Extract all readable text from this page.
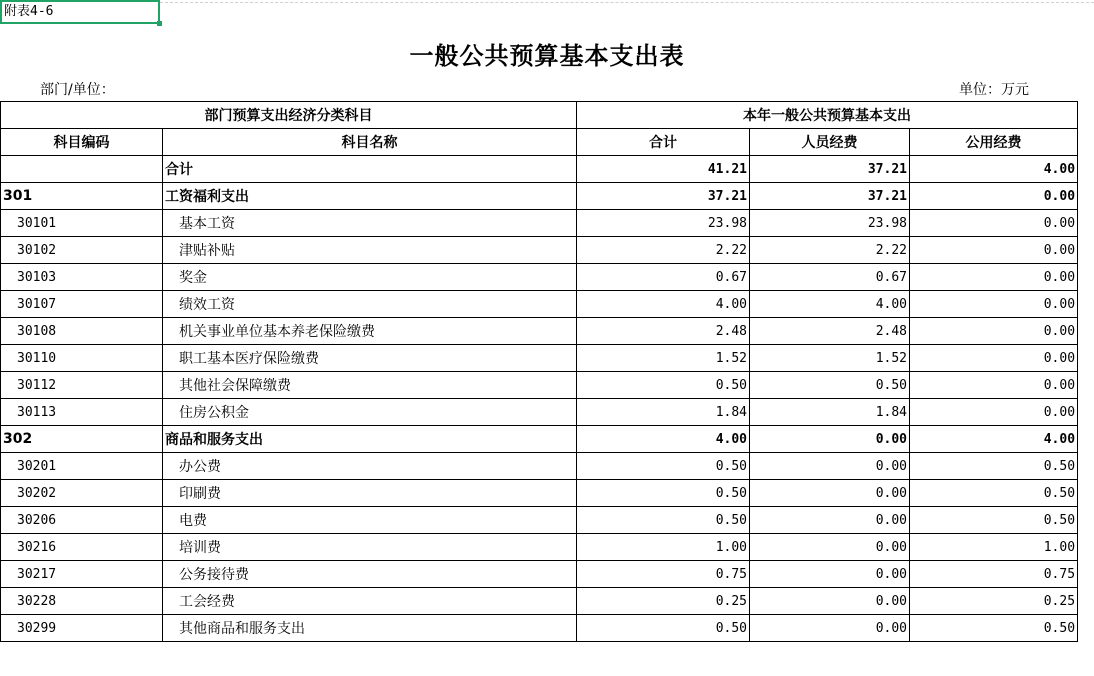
附表4-6
一般公共预算基本支出表
部门/单位：	单位：万元
部门预算支出经济分类科目		本年一般公共预算基本支出		
科目编码	科目名称	合计	人员经费	公用经费
	合计	41.21	37.21	4.00
301	工资福利支出	37.21	37.21	0.00
30101	基本工资	23.98	23.98	0.00
30102	津贴补贴	2.22	2.22	0.00
30103	奖金	0.67	0.67	0.00
30107	绩效工资	4.00	4.00	0.00
30108	机关事业单位基本养老保险缴费	2.48	2.48	0.00
30110	职工基本医疗保险缴费	1.52	1.52	0.00
30112	其他社会保障缴费	0.50	0.50	0.00
30113	住房公积金	1.84	1.84	0.00
302	商品和服务支出	4.00	0.00	4.00
30201	办公费	0.50	0.00	0.50
30202	印刷费	0.50	0.00	0.50
30206	电费	0.50	0.00	0.50
30216	培训费	1.00	0.00	1.00
30217	公务接待费	0.75	0.00	0.75
30228	工会经费	0.25	0.00	0.25
30299	其他商品和服务支出	0.50	0.00	0.50
